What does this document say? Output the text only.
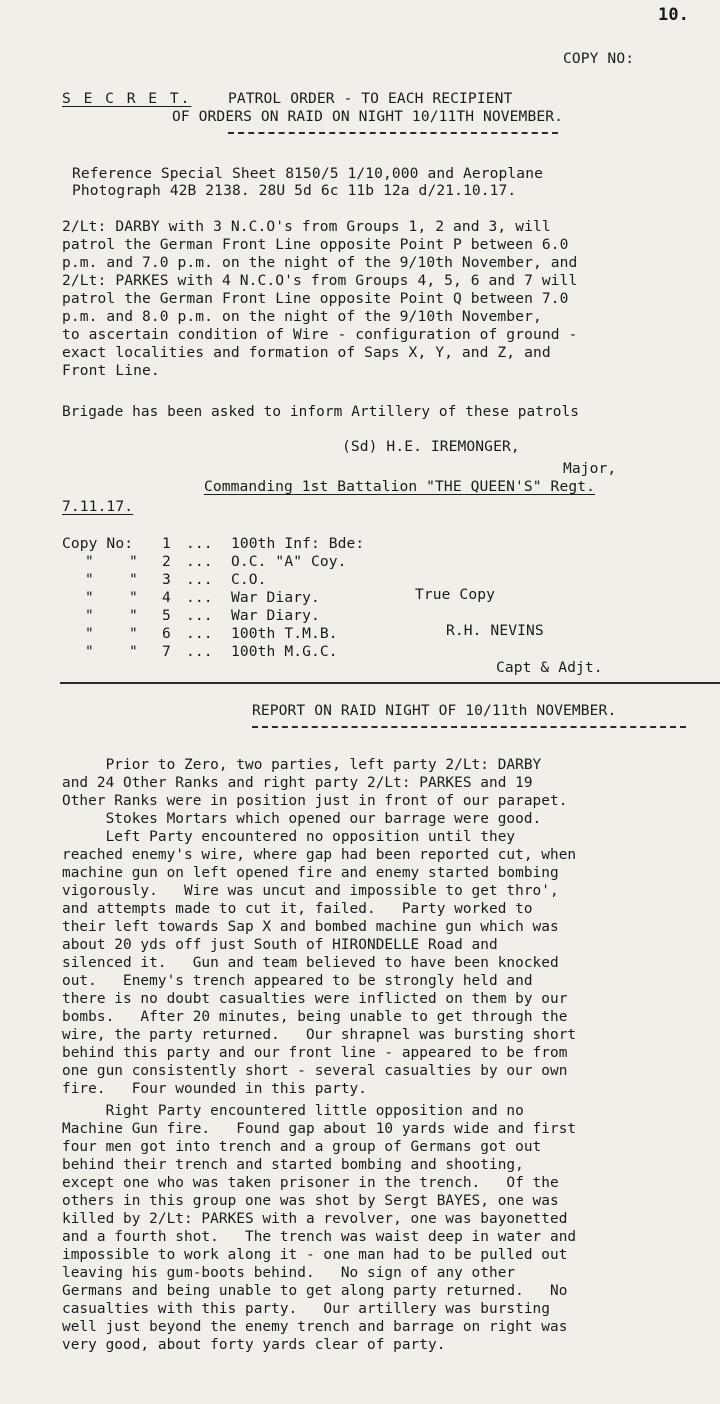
10.
COPY NO:
S E C R E T.	PATROL ORDER - TO EACH RECIPIENT
OF ORDERS ON RAID ON NIGHT 10/11TH NOVEMBER.
Reference Special Sheet 8150/5 1/10,000 and Aeroplane
Photograph 42B 2138. 28U 5d 6c 11b 12a d/21.10.17.
2/Lt: DARBY with 3 N.C.O's from Groups 1, 2 and 3, will
patrol the German Front Line opposite Point P between 6.0
p.m. and 7.0 p.m. on the night of the 9/10th November, and
2/Lt: PARKES with 4 N.C.O's from Groups 4, 5, 6 and 7 will
patrol the German Front Line opposite Point Q between 7.0
p.m. and 8.0 p.m. on the night of the 9/10th November,
to ascertain condition of Wire - configuration of ground -
exact localities and formation of Saps X, Y, and Z, and
Front Line.
Brigade has been asked to inform Artillery of these patrols
(Sd) H.E. IREMONGER,
Major,
Commanding 1st Battalion "THE QUEEN'S" Regt.
7.11.17.
Copy No: 1 ... 100th Inf: Bde:
" " 2 ... O.C. "A" Coy.
" " 3 ... C.O.
" " 4 ... War Diary.
" " 5 ... War Diary.
" " 6 ... 100th T.M.B.
" " 7 ... 100th M.G.C.
True Copy
R.H. NEVINS
Capt & Adjt.
REPORT ON RAID NIGHT OF 10/11th NOVEMBER.
Prior to Zero, two parties, left party 2/Lt: DARBY
and 24 Other Ranks and right party 2/Lt: PARKES and 19
Other Ranks were in position just in front of our parapet.
Stokes Mortars which opened our barrage were good.
Left Party encountered no opposition until they
reached enemy's wire, where gap had been reported cut, when
machine gun on left opened fire and enemy started bombing
vigorously.   Wire was uncut and impossible to get thro',
and attempts made to cut it, failed.   Party worked to
their left towards Sap X and bombed machine gun which was
about 20 yds off just South of HIRONDELLE Road and
silenced it.   Gun and team believed to have been knocked
out.   Enemy's trench appeared to be strongly held and
there is no doubt casualties were inflicted on them by our
bombs.   After 20 minutes, being unable to get through the
wire, the party returned.   Our shrapnel was bursting short
behind this party and our front line - appeared to be from
one gun consistently short - several casualties by our own
fire.   Four wounded in this party.
Right Party encountered little opposition and no
Machine Gun fire.   Found gap about 10 yards wide and first
four men got into trench and a group of Germans got out
behind their trench and started bombing and shooting,
except one who was taken prisoner in the trench.   Of the
others in this group one was shot by Sergt BAYES, one was
killed by 2/Lt: PARKES with a revolver, one was bayonetted
and a fourth shot.   The trench was waist deep in water and
impossible to work along it - one man had to be pulled out
leaving his gum-boots behind.   No sign of any other
Germans and being unable to get along party returned.   No
casualties with this party.   Our artillery was bursting
well just beyond the enemy trench and barrage on right was
very good, about forty yards clear of party.
